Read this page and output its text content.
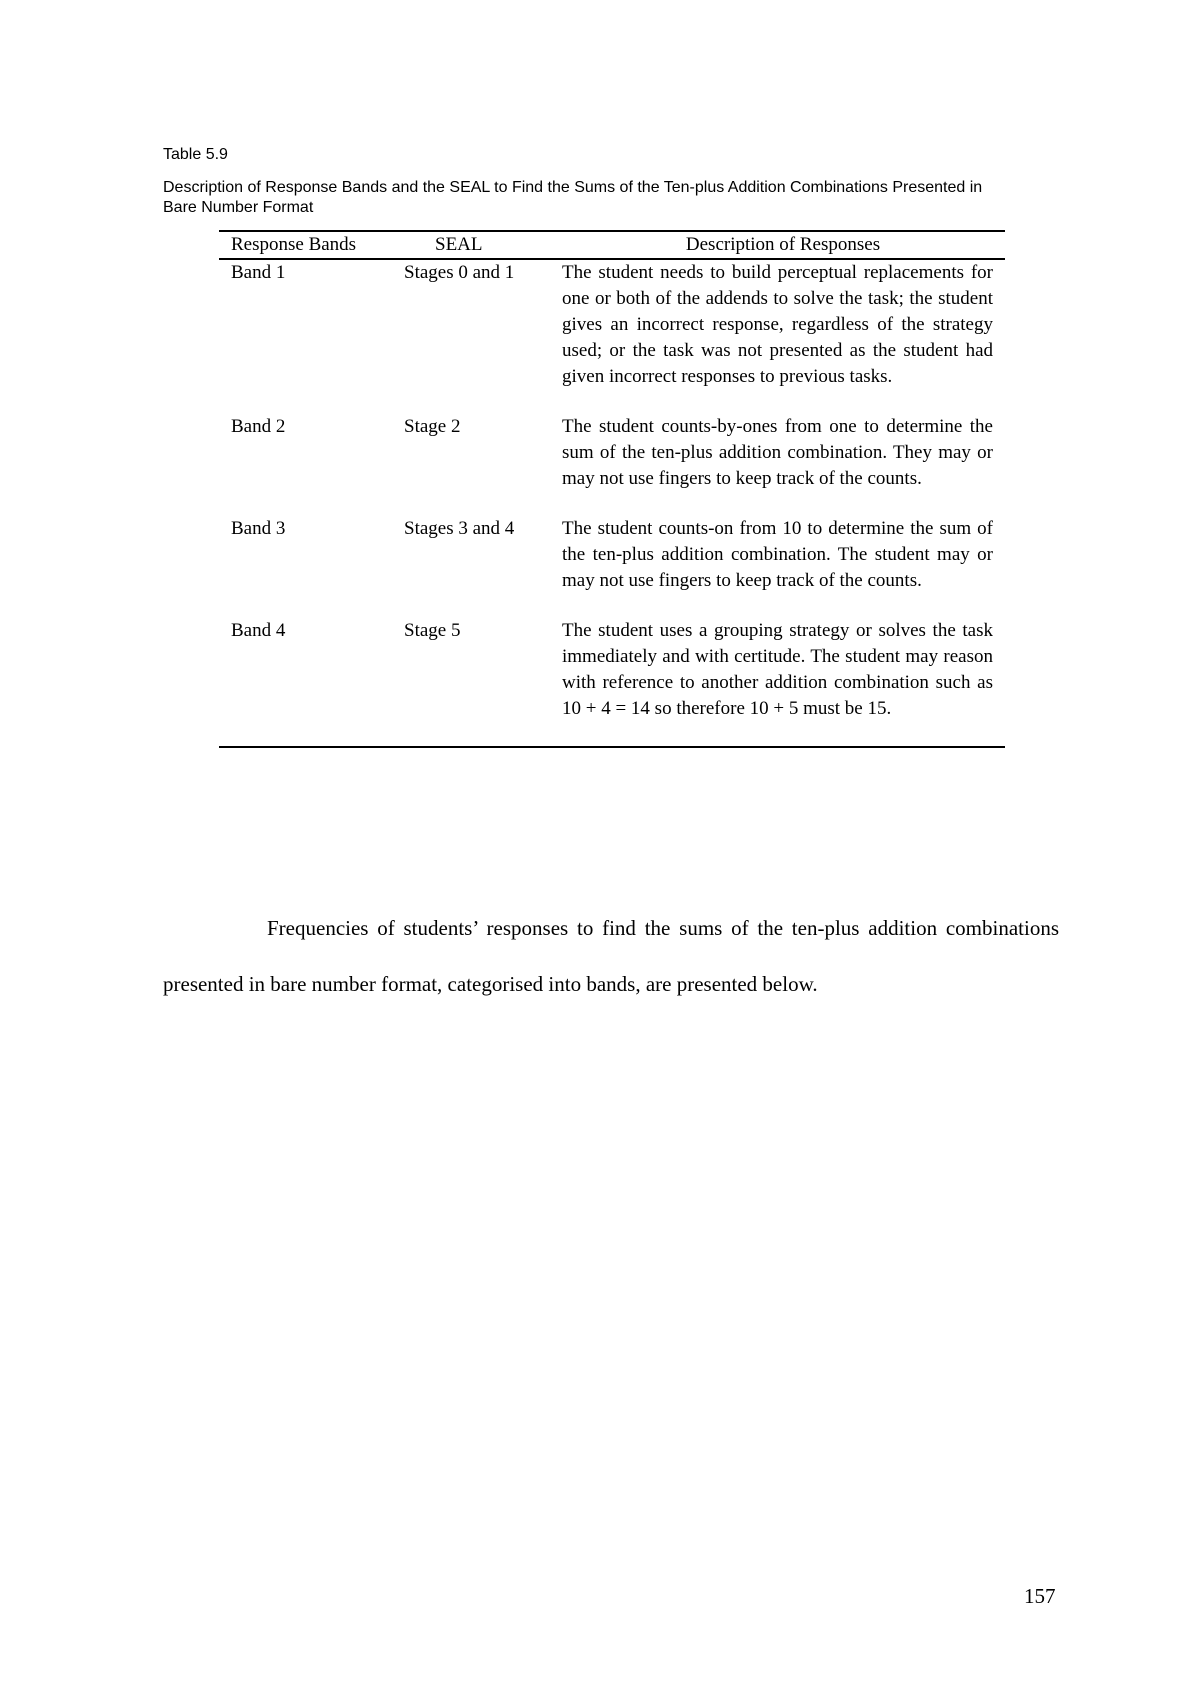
Table 5.9
Description of Response Bands and the SEAL to Find the Sums of the Ten-plus Addition Combinations Presented in Bare Number Format
Response Bands	SEAL	Description of Responses
Band 1	Stages 0 and 1	The student needs to build perceptual replacements for one or both of the addends to solve the task; the student gives an incorrect response, regardless of the strategy used; or the task was not presented as the student had given incorrect responses to previous tasks.
Band 2	Stage 2	The student counts-by-ones from one to determine the sum of the ten-plus addition combination. They may or may not use fingers to keep track of the counts.
Band 3	Stages 3 and 4	The student counts-on from 10 to determine the sum of the ten-plus addition combination. The student may or may not use fingers to keep track of the counts.
Band 4	Stage 5	The student uses a grouping strategy or solves the task immediately and with certitude. The student may reason with reference to another addition combination such as 10 + 4 = 14 so therefore 10 + 5 must be 15.

Frequencies of students’ responses to find the sums of the ten-plus addition combinations presented in bare number format, categorised into bands, are presented below.

157
